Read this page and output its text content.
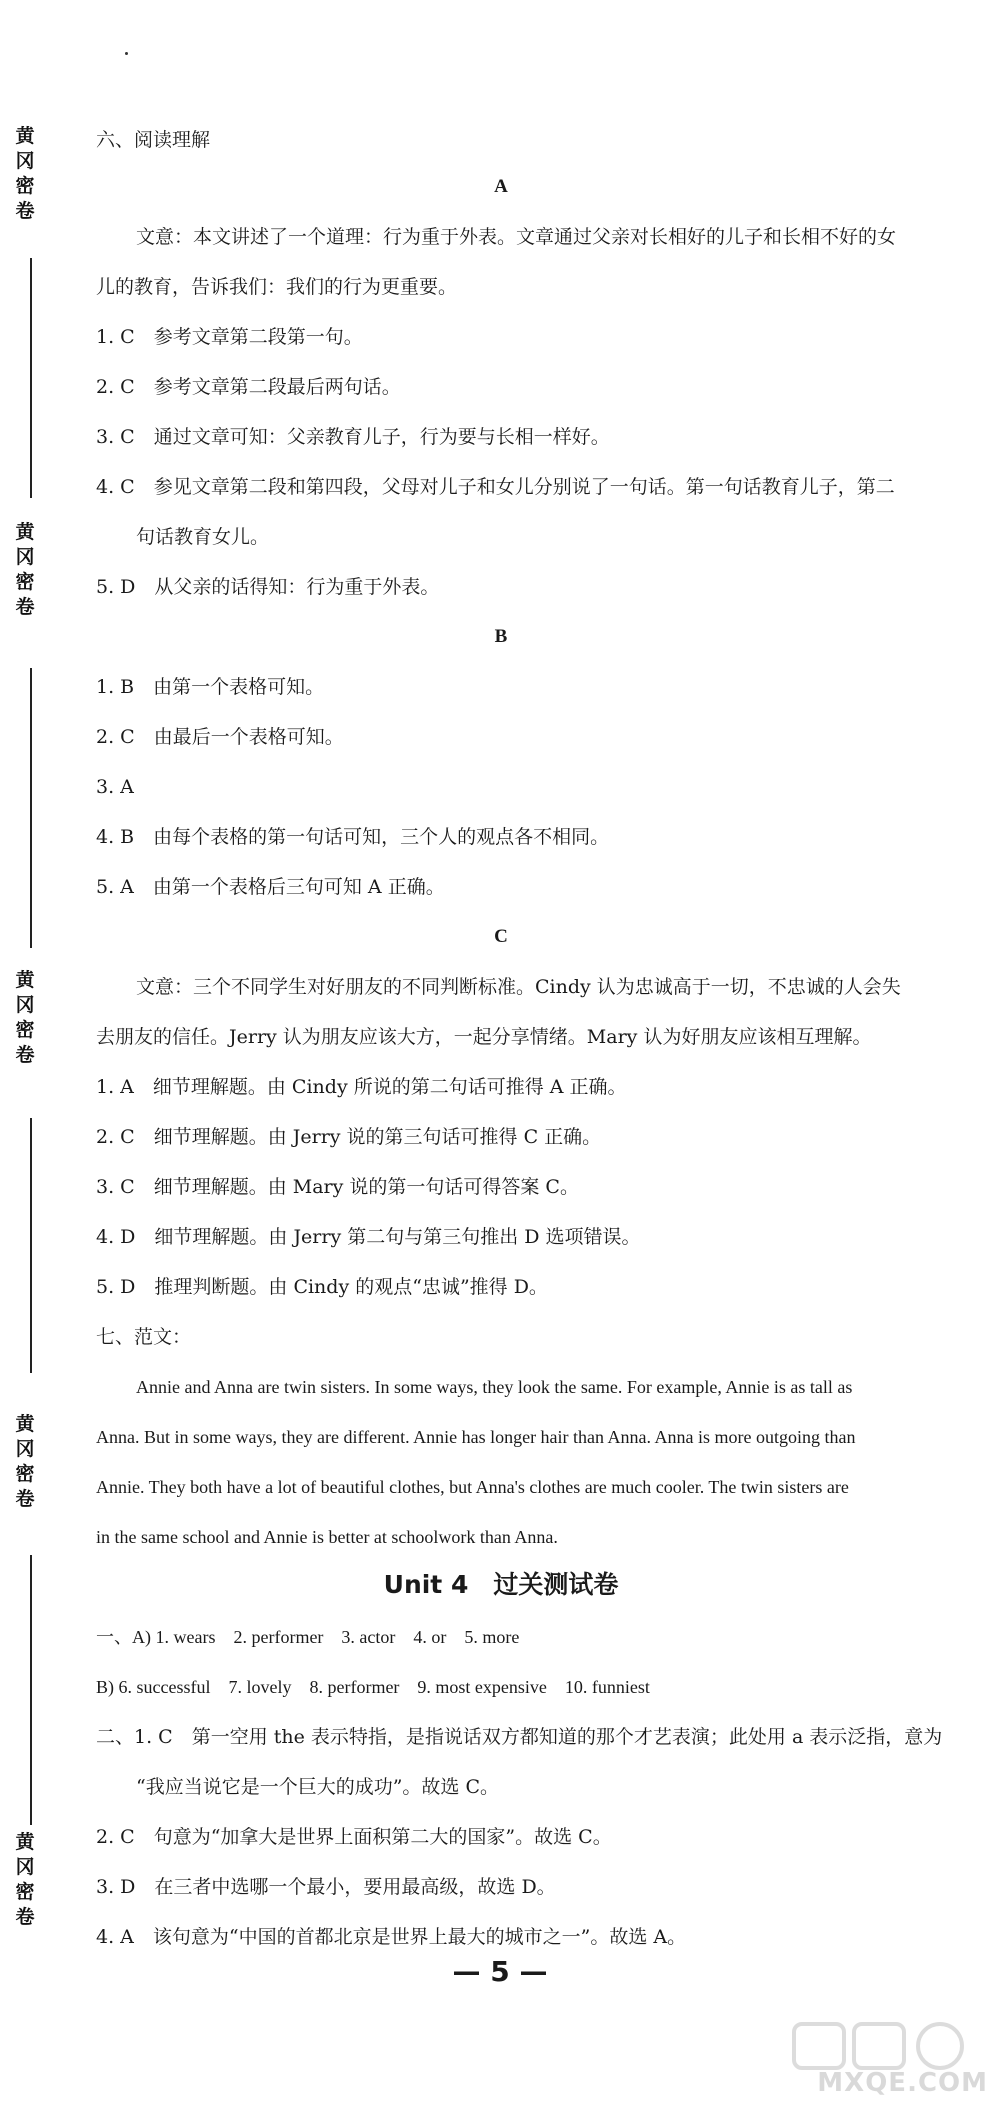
黄
冈
密
卷
黄
冈
密
卷
黄
冈
密
卷
黄
冈
密
卷
黄
冈
密
卷
六、阅读理解
A
文意：本文讲述了一个道理：行为重于外表。文章通过父亲对长相好的儿子和长相不好的女
儿的教育，告诉我们：我们的行为更重要。
1. C　参考文章第二段第一句。
2. C　参考文章第二段最后两句话。
3. C　通过文章可知：父亲教育儿子，行为要与长相一样好。
4. C　参见文章第二段和第四段，父母对儿子和女儿分别说了一句话。第一句话教育儿子，第二
句话教育女儿。
5. D　从父亲的话得知：行为重于外表。
B
1. B　由第一个表格可知。
2. C　由最后一个表格可知。
3. A
4. B　由每个表格的第一句话可知，三个人的观点各不相同。
5. A　由第一个表格后三句可知 A 正确。
C
文意：三个不同学生对好朋友的不同判断标准。Cindy 认为忠诚高于一切，不忠诚的人会失
去朋友的信任。Jerry 认为朋友应该大方，一起分享情绪。Mary 认为好朋友应该相互理解。
1. A　细节理解题。由 Cindy 所说的第二句话可推得 A 正确。
2. C　细节理解题。由 Jerry 说的第三句话可推得 C 正确。
3. C　细节理解题。由 Mary 说的第一句话可得答案 C。
4. D　细节理解题。由 Jerry 第二句与第三句推出 D 选项错误。
5. D　推理判断题。由 Cindy 的观点“忠诚”推得 D。
七、范文：
Annie and Anna are twin sisters. In some ways, they look the same. For example, Annie is as tall as
Anna. But in some ways, they are different. Annie has longer hair than Anna. Anna is more outgoing than
Annie. They both have a lot of beautiful clothes, but Anna's clothes are much cooler. The twin sisters are
in the same school and Annie is better at schoolwork than Anna.
Unit 4　过关测试卷
一、A) 1. wears　2. performer　3. actor　4. or　5. more
B) 6. successful　7. lovely　8. performer　9. most expensive　10. funniest
二、1. C　第一空用 the 表示特指，是指说话双方都知道的那个才艺表演；此处用 a 表示泛指，意为
“我应当说它是一个巨大的成功”。故选 C。
2. C　句意为“加拿大是世界上面积第二大的国家”。故选 C。
3. D　在三者中选哪一个最小，要用最高级，故选 D。
4. A　该句意为“中国的首都北京是世界上最大的城市之一”。故选 A。
— 5 —
MXQE.COM
